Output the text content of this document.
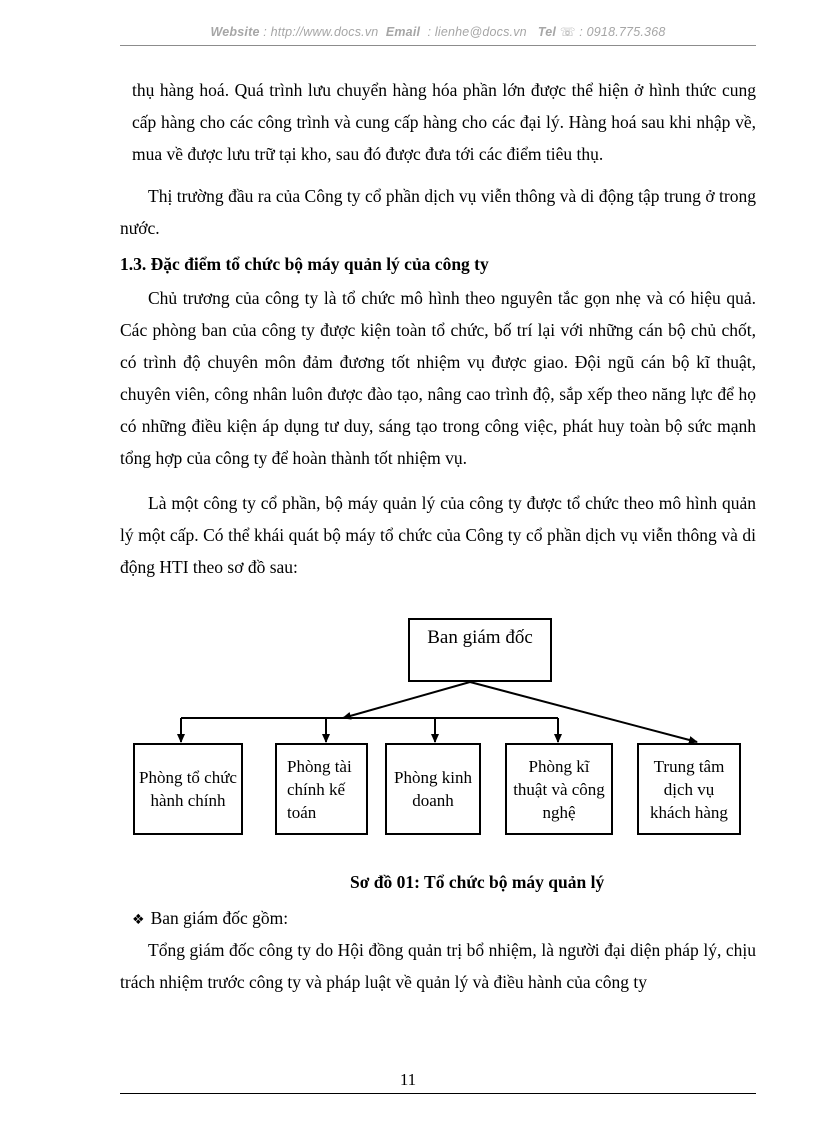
Website : http://www.docs.vn Email : lienhe@docs.vn Tel ☏ : 0918.775.368
thụ hàng hoá. Quá trình lưu chuyển hàng hóa phần lớn được thể hiện ở hình thức cung cấp hàng cho các công trình và cung cấp hàng cho các đại lý. Hàng hoá sau khi nhập về, mua về được lưu trữ tại kho, sau đó được đưa tới các điểm tiêu thụ.
Thị trường đầu ra của Công ty cổ phần dịch vụ viễn thông và di động tập trung ở trong nước.
1.3. Đặc điểm tổ chức bộ máy quản lý của công ty
Chủ trương của công ty là tổ chức mô hình theo nguyên tắc gọn nhẹ và có hiệu quả. Các phòng ban của công ty được kiện toàn tổ chức, bố trí lại với những cán bộ chủ chốt, có trình độ chuyên môn đảm đương tốt nhiệm vụ được giao. Đội ngũ cán bộ kĩ thuật, chuyên viên, công nhân luôn được đào tạo, nâng cao trình độ, sắp xếp theo năng lực để họ có những điều kiện áp dụng tư duy, sáng tạo trong công việc, phát huy toàn bộ sức mạnh tổng hợp của công ty để hoàn thành tốt nhiệm vụ.
Là một công ty cổ phần, bộ máy quản lý của công ty được tổ chức theo mô hình quản lý một cấp. Có thể khái quát bộ máy tổ chức của Công ty cổ phần dịch vụ viễn thông và di động HTI theo sơ đồ sau:
Ban giám đốc
Phòng tổ chức hành chính
Phòng tài chính kế toán
Phòng kinh doanh
Phòng kĩ thuật và công nghệ
Trung tâm dịch vụ khách hàng
Sơ đồ 01: Tổ chức bộ máy quản lý
❖ Ban giám đốc gồm:
Tổng giám đốc công ty do Hội đồng quản trị bổ nhiệm, là người đại diện pháp lý, chịu trách nhiệm trước công ty và pháp luật về quản lý và điều hành của công ty
11
